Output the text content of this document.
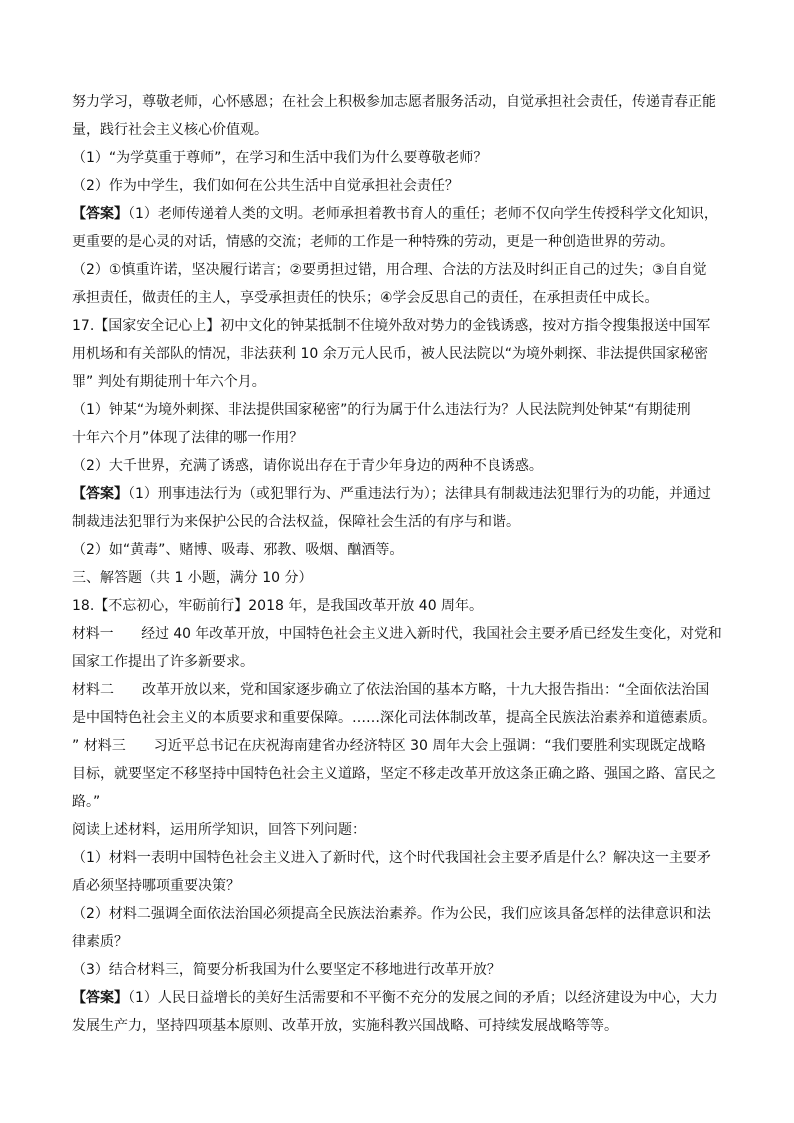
努力学习，尊敬老师，心怀感恩；在社会上积极参加志愿者服务活动，自觉承担社会责任，传递青春正能
量，践行社会主义核心价值观。
（1）“为学莫重于尊师”，在学习和生活中我们为什么要尊敬老师？
（2）作为中学生，我们如何在公共生活中自觉承担社会责任？
【答案】（1）老师传递着人类的文明。老师承担着教书育人的重任；老师不仅向学生传授科学文化知识，
更重要的是心灵的对话，情感的交流；老师的工作是一种特殊的劳动，更是一种创造世界的劳动。
（2）①慎重许诺，坚决履行诺言；②要勇担过错，用合理、合法的方法及时纠正自己的过失；③自自觉
承担责任，做责任的主人，享受承担责任的快乐；④学会反思自己的责任，在承担责任中成长。
17.【国家安全记心上】初中文化的钟某抵制不住境外敌对势力的金钱诱惑，按对方指令搜集报送中国军
用机场和有关部队的情况，非法获利 10 余万元人民币，被人民法院以“为境外刺探、非法提供国家秘密
罪” 判处有期徒刑十年六个月。
（1）钟某“为境外刺探、非法提供国家秘密”的行为属于什么违法行为？人民法院判处钟某“有期徒刑
十年六个月”体现了法律的哪一作用？
（2）大千世界，充满了诱惑，请你说出存在于青少年身边的两种不良诱惑。
【答案】（1）刑事违法行为（或犯罪行为、严重违法行为）；法律具有制裁违法犯罪行为的功能，并通过
制裁违法犯罪行为来保护公民的合法权益，保障社会生活的有序与和谐。
（2）如“黄毒”、赌博、吸毒、邪教、吸烟、酗酒等。
三、解答题（共 1 小题，满分 10 分）
18.【不忘初心，牢砺前行】2018 年，是我国改革开放 40 周年。
材料一　　经过 40 年改革开放，中国特色社会主义进入新时代，我国社会主要矛盾已经发生变化，对党和
国家工作提出了许多新要求。
材料二　　改革开放以来，党和国家逐步确立了依法治国的基本方略，十九大报告指出：“全面依法治国
是中国特色社会主义的本质要求和重要保障。……深化司法体制改革，提高全民族法治素养和道德素质。
” 材料三　　习近平总书记在庆祝海南建省办经济特区 30 周年大会上强调：“我们要胜利实现既定战略
目标，就要坚定不移坚持中国特色社会主义道路，坚定不移走改革开放这条正确之路、强国之路、富民之
路。”
阅读上述材料，运用所学知识，回答下列问题：
（1）材料一表明中国特色社会主义进入了新时代，这个时代我国社会主要矛盾是什么？解决这一主要矛
盾必须坚持哪项重要决策？
（2）材料二强调全面依法治国必须提高全民族法治素养。作为公民，我们应该具备怎样的法律意识和法
律素质？
（3）结合材料三，简要分析我国为什么要坚定不移地进行改革开放？
【答案】（1）人民日益增长的美好生活需要和不平衡不充分的发展之间的矛盾；以经济建设为中心，大力
发展生产力，坚持四项基本原则、改革开放，实施科教兴国战略、可持续发展战略等等。
